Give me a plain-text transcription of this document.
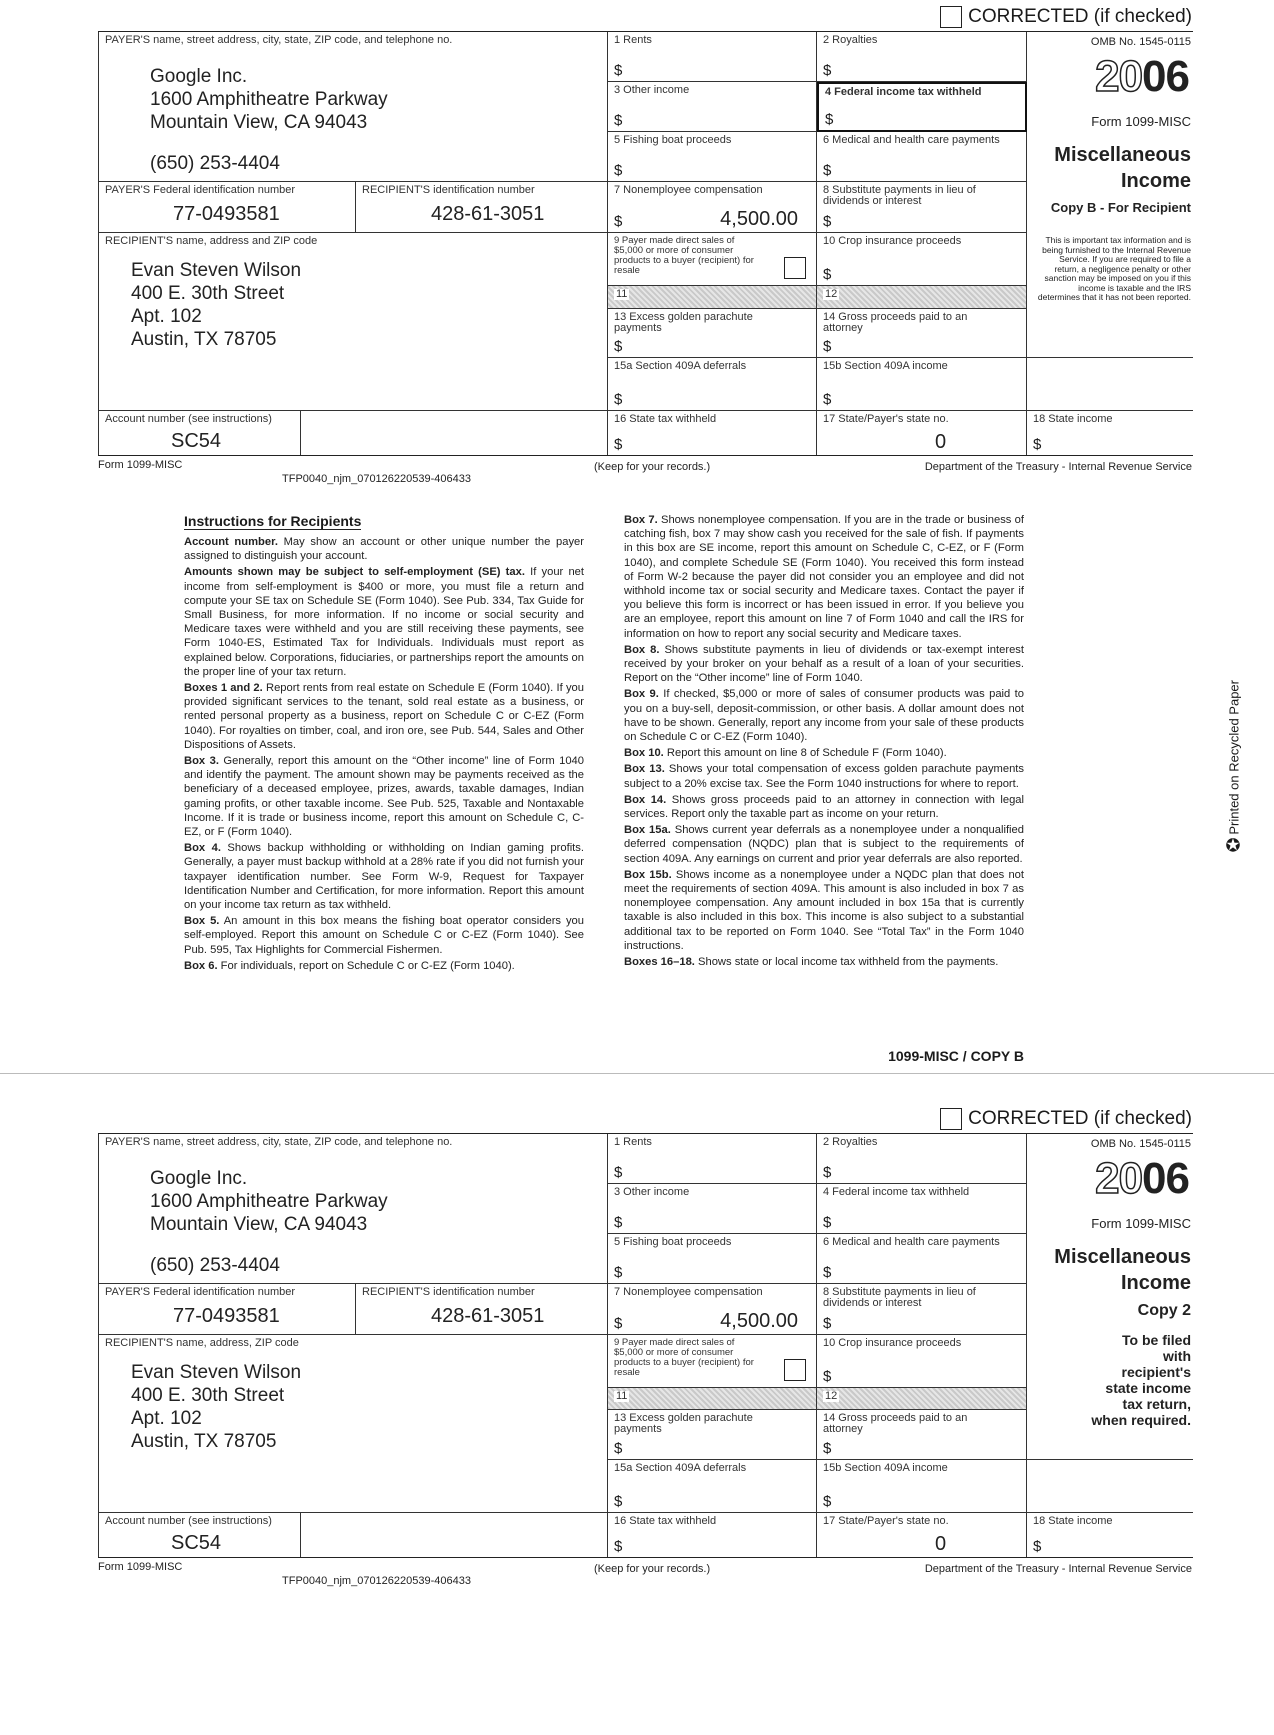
CORRECTED (if checked)
PAYER'S name, street address, city, state, ZIP code, and telephone no.
Google Inc.
1600 Amphitheatre Parkway
Mountain View, CA 94043
(650) 253-4404
PAYER'S Federal identification number
77-0493581
RECIPIENT'S identification number
428-61-3051
RECIPIENT'S name, address and ZIP code
Evan Steven Wilson
400 E. 30th Street
Apt. 102
Austin, TX 78705
Account number (see instructions)
SC54
1 Rents
$
2 Royalties
$
3 Other income
$
4 Federal income tax withheld
$
5 Fishing boat proceeds
$
6 Medical and health care payments
$
7 Nonemployee compensation
$	4,500.00
8 Substitute payments in lieu of dividends or interest
$
9 Payer made direct sales of $5,000 or more of consumer products to a buyer (recipient) for resale
10 Crop insurance proceeds
$
11	12
13 Excess golden parachute payments
$
14 Gross proceeds paid to an attorney
$
15a Section 409A deferrals
$
15b Section 409A income
$
16 State tax withheld
$
17 State/Payer's state no.
0
18 State income
$
OMB No. 1545-0115
2006
Form 1099-MISC
Miscellaneous
Income
Copy B - For Recipient
This is important tax information and is being furnished to the Internal Revenue Service. If you are required to file a return, a negligence penalty or other sanction may be imposed on you if this income is taxable and the IRS determines that it has not been reported.
Form 1099-MISC
TFP0040_njm_070126220539-406433
(Keep for your records.)	Department of the Treasury - Internal Revenue Service
Instructions for Recipients
Account number. May show an account or other unique number the payer assigned to distinguish your account.
Amounts shown may be subject to self-employment (SE) tax. If your net income from self-employment is $400 or more, you must file a return and compute your SE tax on Schedule SE (Form 1040). See Pub. 334, Tax Guide for Small Business, for more information. If no income or social security and Medicare taxes were withheld and you are still receiving these payments, see Form 1040-ES, Estimated Tax for Individuals. Individuals must report as explained below. Corporations, fiduciaries, or partnerships report the amounts on the proper line of your tax return.
Boxes 1 and 2. Report rents from real estate on Schedule E (Form 1040). If you provided significant services to the tenant, sold real estate as a business, or rented personal property as a business, report on Schedule C or C-EZ (Form 1040). For royalties on timber, coal, and iron ore, see Pub. 544, Sales and Other Dispositions of Assets.
Box 3. Generally, report this amount on the “Other income” line of Form 1040 and identify the payment. The amount shown may be payments received as the beneficiary of a deceased employee, prizes, awards, taxable damages, Indian gaming profits, or other taxable income. See Pub. 525, Taxable and Nontaxable Income. If it is trade or business income, report this amount on Schedule C, C-EZ, or F (Form 1040).
Box 4. Shows backup withholding or withholding on Indian gaming profits. Generally, a payer must backup withhold at a 28% rate if you did not furnish your taxpayer identification number. See Form W-9, Request for Taxpayer Identification Number and Certification, for more information. Report this amount on your income tax return as tax withheld.
Box 5. An amount in this box means the fishing boat operator considers you self-employed. Report this amount on Schedule C or C-EZ (Form 1040). See Pub. 595, Tax Highlights for Commercial Fishermen.
Box 6. For individuals, report on Schedule C or C-EZ (Form 1040).
Box 7. Shows nonemployee compensation. If you are in the trade or business of catching fish, box 7 may show cash you received for the sale of fish. If payments in this box are SE income, report this amount on Schedule C, C-EZ, or F (Form 1040), and complete Schedule SE (Form 1040). You received this form instead of Form W-2 because the payer did not consider you an employee and did not withhold income tax or social security and Medicare taxes. Contact the payer if you believe this form is incorrect or has been issued in error. If you believe you are an employee, report this amount on line 7 of Form 1040 and call the IRS for information on how to report any social security and Medicare taxes.
Box 8. Shows substitute payments in lieu of dividends or tax-exempt interest received by your broker on your behalf as a result of a loan of your securities. Report on the “Other income” line of Form 1040.
Box 9. If checked, $5,000 or more of sales of consumer products was paid to you on a buy-sell, deposit-commission, or other basis. A dollar amount does not have to be shown. Generally, report any income from your sale of these products on Schedule C or C-EZ (Form 1040).
Box 10. Report this amount on line 8 of Schedule F (Form 1040).
Box 13. Shows your total compensation of excess golden parachute payments subject to a 20% excise tax. See the Form 1040 instructions for where to report.
Box 14. Shows gross proceeds paid to an attorney in connection with legal services. Report only the taxable part as income on your return.
Box 15a. Shows current year deferrals as a nonemployee under a nonqualified deferred compensation (NQDC) plan that is subject to the requirements of section 409A. Any earnings on current and prior year deferrals are also reported.
Box 15b. Shows income as a nonemployee under a NQDC plan that does not meet the requirements of section 409A. This amount is also included in box 7 as nonemployee compensation. Any amount included in box 15a that is currently taxable is also included in this box. This income is also subject to a substantial additional tax to be reported on Form 1040. See “Total Tax” in the Form 1040 instructions.
Boxes 16–18. Shows state or local income tax withheld from the payments.
1099-MISC / COPY B
✪ Printed on Recycled Paper
CORRECTED (if checked)
PAYER'S name, street address, city, state, ZIP code, and telephone no.
Google Inc.
1600 Amphitheatre Parkway
Mountain View, CA 94043
(650) 253-4404
PAYER'S Federal identification number
77-0493581
RECIPIENT'S identification number
428-61-3051
RECIPIENT'S name, address, ZIP code
Evan Steven Wilson
400 E. 30th Street
Apt. 102
Austin, TX 78705
Account number (see instructions)
SC54
1 Rents
$
2 Royalties
$
3 Other income
$
4 Federal income tax withheld
$
5 Fishing boat proceeds
$
6 Medical and health care payments
$
7 Nonemployee compensation
$	4,500.00
8 Substitute payments in lieu of dividends or interest
$
9 Payer made direct sales of $5,000 or more of consumer products to a buyer (recipient) for resale
10 Crop insurance proceeds
$
11	12
13 Excess golden parachute payments
$
14 Gross proceeds paid to an attorney
$
15a Section 409A deferrals
$
15b Section 409A income
$
16 State tax withheld
$
17 State/Payer's state no.
0
18 State income
$
OMB No. 1545-0115
2006
Form 1099-MISC
Miscellaneous
Income
Copy 2
To be filed with recipient's state income tax return, when required.
Form 1099-MISC
TFP0040_njm_070126220539-406433
(Keep for your records.)	Department of the Treasury - Internal Revenue Service
